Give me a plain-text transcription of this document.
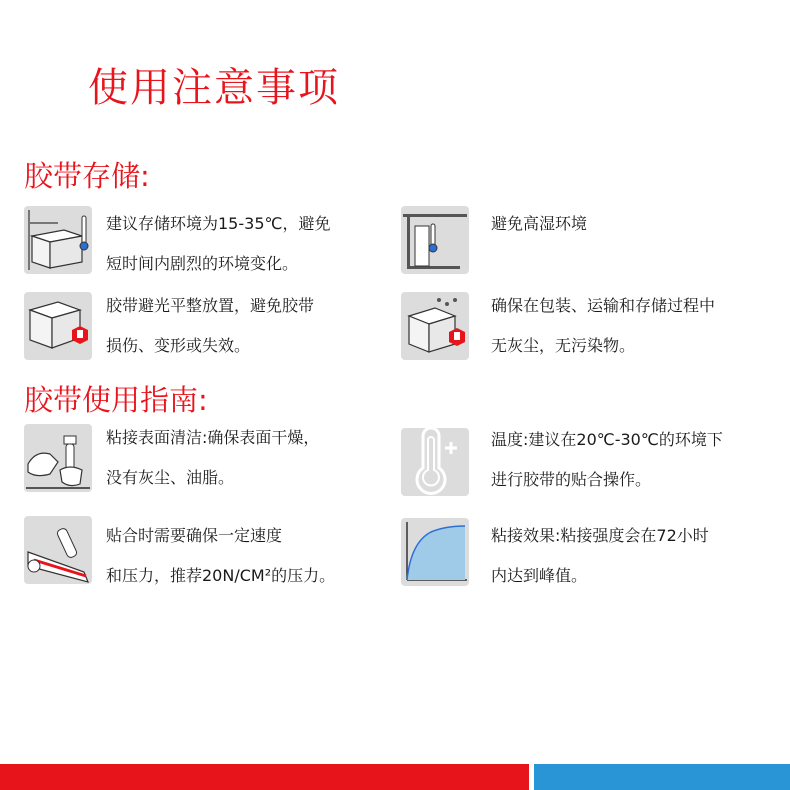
使用注意事项
胶带存储:
建议存储环境为15-35℃，避免
短时间内剧烈的环境变化。
避免高湿环境
胶带避光平整放置，避免胶带
损伤、变形或失效。
确保在包装、运输和存储过程中
无灰尘，无污染物。
胶带使用指南:
粘接表面清洁:确保表面干燥，
没有灰尘、油脂。
温度:建议在20℃-30℃的环境下
进行胶带的贴合操作。
贴合时需要确保一定速度
和压力，推荐20N/CM²的压力。
粘接效果:粘接强度会在72小时
内达到峰值。
